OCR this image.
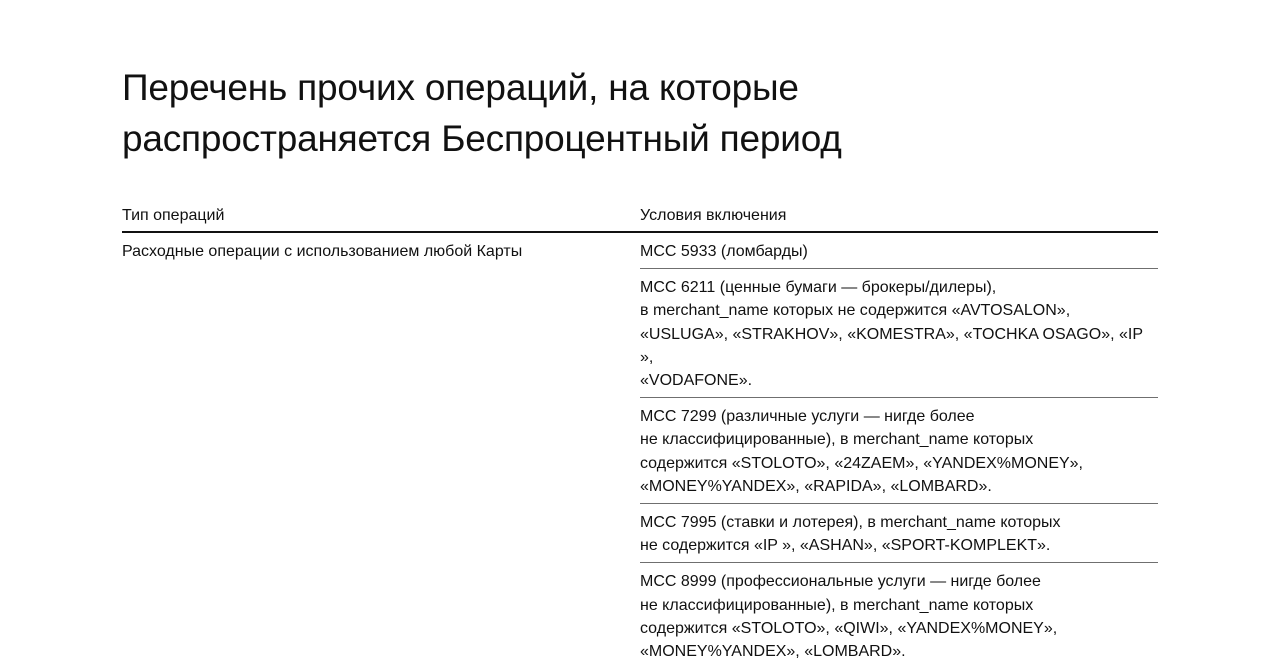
Перечень прочих операций, на которые
распространяется Беспроцентный период
Тип операций	Условия включения
Расходные операции с использованием любой Карты	MCC 5933 (ломбарды)
MCC 6211 (ценные бумаги — брокеры/дилеры),
в merchant_name которых не содержится «AVTOSALON»,
«USLUGA», «STRAKHOV», «KOMESTRA», «TOCHKA OSAGO», «IP »,
«VODAFONE».
MCC 7299 (различные услуги — нигде более
не классифицированные), в merchant_name которых
содержится «STOLOTO», «24ZAEM», «YANDEX%MONEY»,
«MONEY%YANDEX», «RAPIDA», «LOMBARD».
MCC 7995 (ставки и лотерея), в merchant_name которых
не содержится «IP », «ASHAN», «SPORT-KOMPLEKT».
MCC 8999 (профессиональные услуги — нигде более
не классифицированные), в merchant_name которых
содержится «STOLOTO», «QIWI», «YANDEX%MONEY»,
«MONEY%YANDEX», «LOMBARD».
